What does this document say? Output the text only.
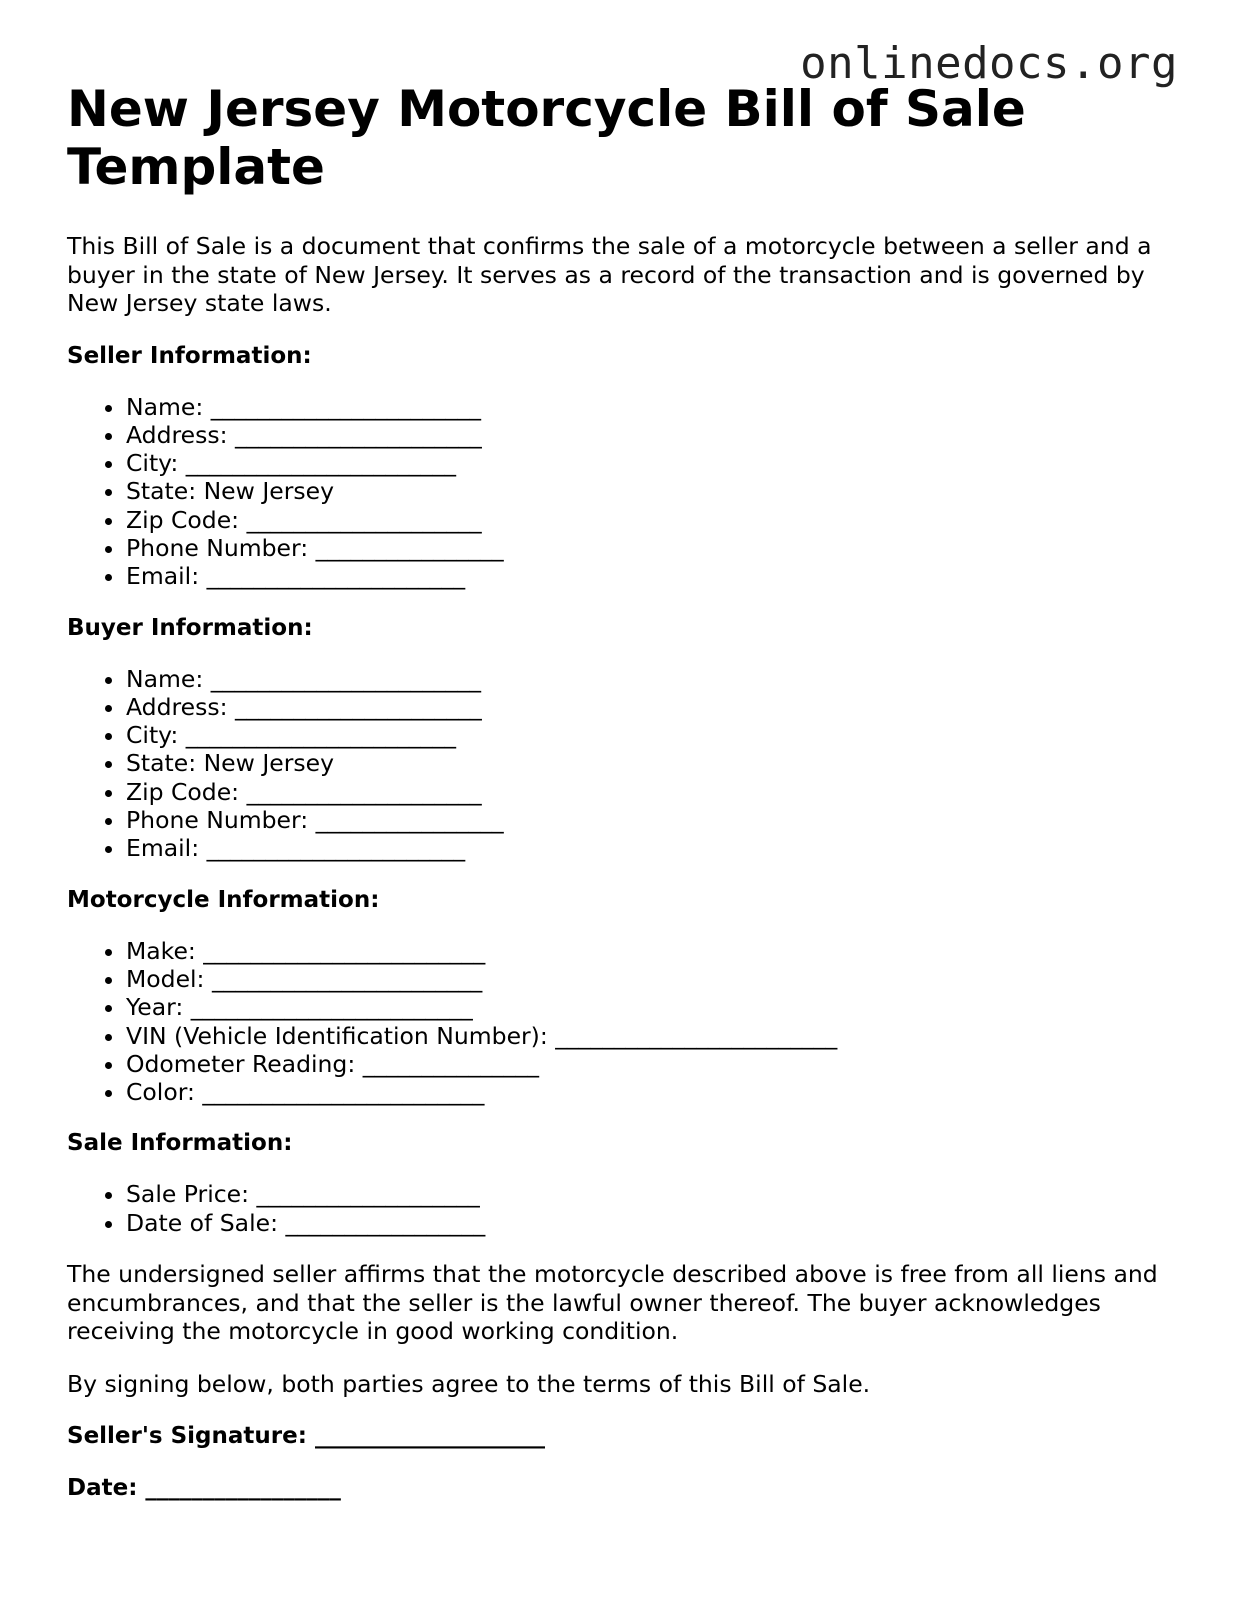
onlinedocs.org
New Jersey Motorcycle Bill of Sale Template

This Bill of Sale is a document that confirms the sale of a motorcycle between a seller and a buyer in the state of New Jersey. It serves as a record of the transaction and is governed by New Jersey state laws.

Seller Information:
• Name: _______________________
• Address: _____________________
• City: _______________________
• State: New Jersey
• Zip Code: ____________________
• Phone Number: ________________
• Email: ______________________
Buyer Information:
• Name: _______________________
• Address: _____________________
• City: _______________________
• State: New Jersey
• Zip Code: ____________________
• Phone Number: ________________
• Email: ______________________
Motorcycle Information:
• Make: ________________________
• Model: _______________________
• Year: ________________________
• VIN (Vehicle Identification Number): ________________________
• Odometer Reading: _______________
• Color: ________________________
Sale Information:
• Sale Price: ___________________
• Date of Sale: _________________

The undersigned seller affirms that the motorcycle described above is free from all liens and encumbrances, and that the seller is the lawful owner thereof. The buyer acknowledges receiving the motorcycle in good working condition.

By signing below, both parties agree to the terms of this Bill of Sale.

Seller's Signature: ____________________
Date: _________________
